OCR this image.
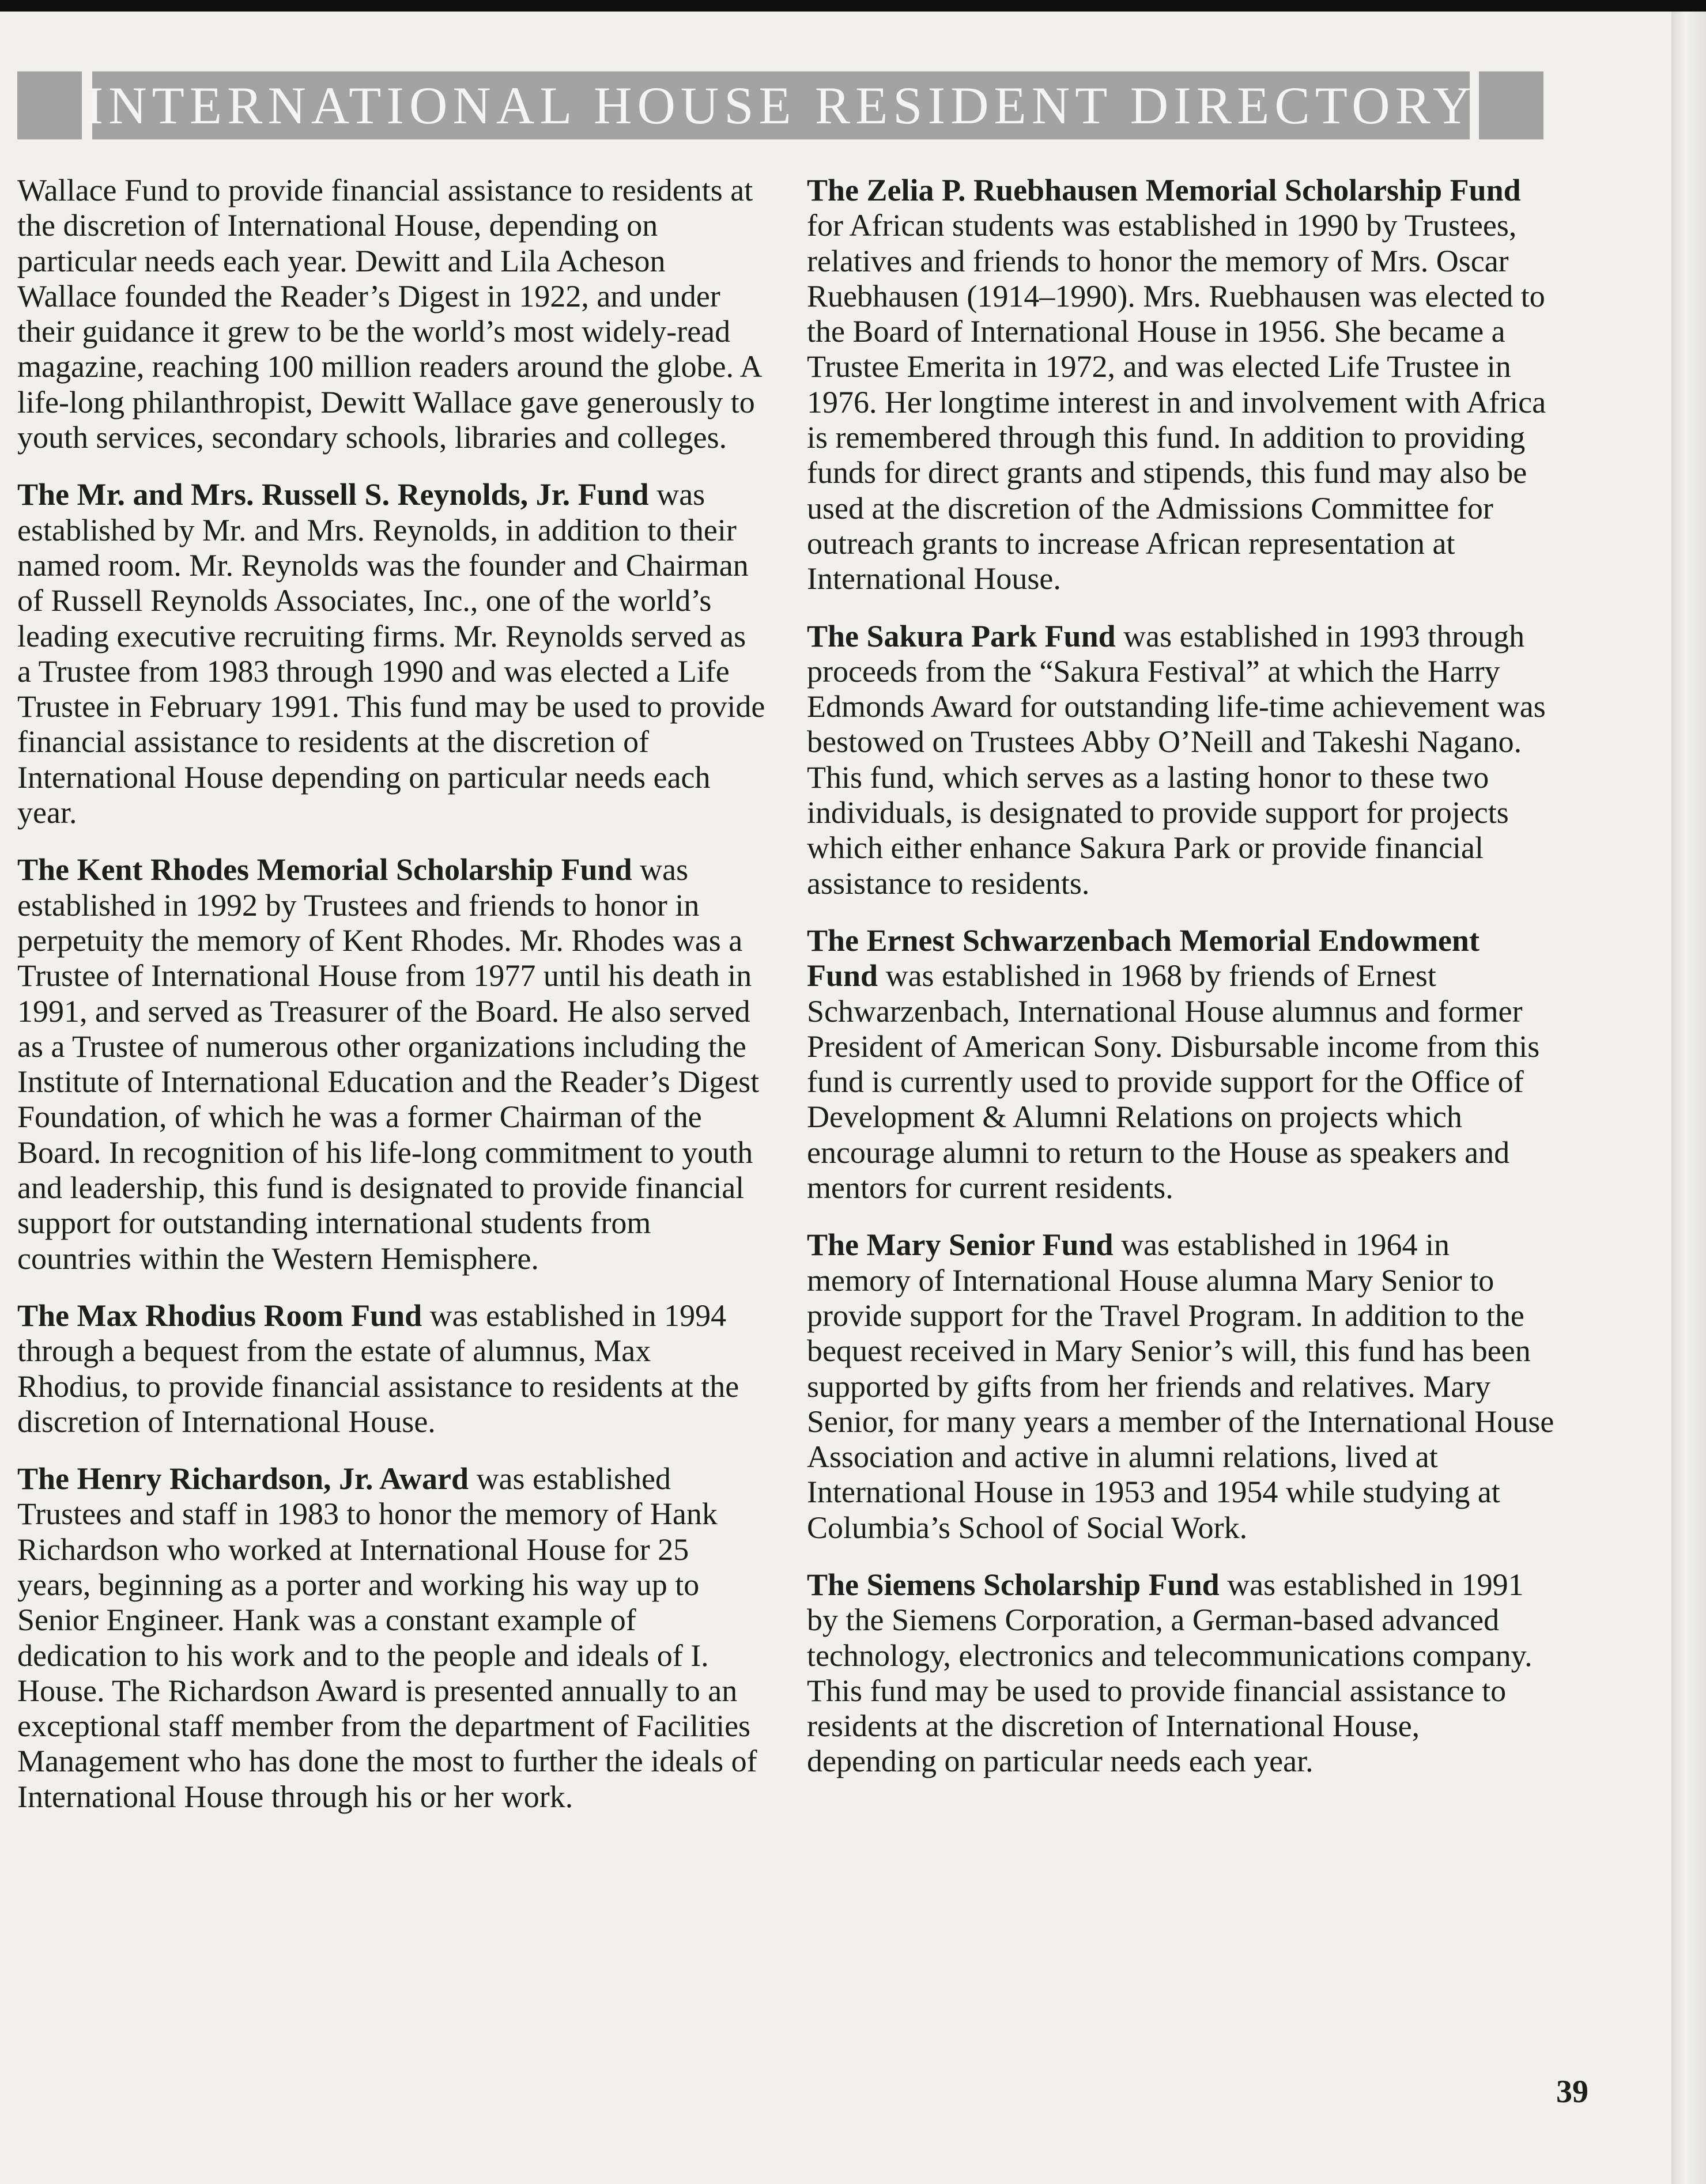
INTERNATIONAL HOUSE RESIDENT DIRECTORY

Wallace Fund to provide financial assistance to residents at the discretion of International House, depending on particular needs each year. Dewitt and Lila Acheson Wallace founded the Reader’s Digest in 1922, and under their guidance it grew to be the world’s most widely-read magazine, reaching 100 million readers around the globe. A life-long philanthropist, Dewitt Wallace gave generously to youth services, secondary schools, libraries and colleges.

The Mr. and Mrs. Russell S. Reynolds, Jr. Fund was established by Mr. and Mrs. Reynolds, in addition to their named room. Mr. Reynolds was the founder and Chairman of Russell Reynolds Associates, Inc., one of the world’s leading executive recruiting firms. Mr. Reynolds served as a Trustee from 1983 through 1990 and was elected a Life Trustee in February 1991. This fund may be used to provide financial assistance to residents at the discretion of International House depending on particular needs each year.

The Kent Rhodes Memorial Scholarship Fund was established in 1992 by Trustees and friends to honor in perpetuity the memory of Kent Rhodes. Mr. Rhodes was a Trustee of International House from 1977 until his death in 1991, and served as Treasurer of the Board. He also served as a Trustee of numerous other organizations including the Institute of International Education and the Reader’s Digest Foundation, of which he was a former Chairman of the Board. In recognition of his life-long commitment to youth and leadership, this fund is designated to provide financial support for outstanding international students from countries within the Western Hemisphere.

The Max Rhodius Room Fund was established in 1994 through a bequest from the estate of alumnus, Max Rhodius, to provide financial assistance to residents at the discretion of International House.

The Henry Richardson, Jr. Award was established Trustees and staff in 1983 to honor the memory of Hank Richardson who worked at International House for 25 years, beginning as a porter and working his way up to Senior Engineer. Hank was a constant example of dedication to his work and to the people and ideals of I. House. The Richardson Award is presented annually to an exceptional staff member from the department of Facilities Management who has done the most to further the ideals of International House through his or her work.

The Zelia P. Ruebhausen Memorial Scholarship Fund for African students was established in 1990 by Trustees, relatives and friends to honor the memory of Mrs. Oscar Ruebhausen (1914–1990). Mrs. Ruebhausen was elected to the Board of International House in 1956. She became a Trustee Emerita in 1972, and was elected Life Trustee in 1976. Her longtime interest in and involvement with Africa is remembered through this fund. In addition to providing funds for direct grants and stipends, this fund may also be used at the discretion of the Admissions Committee for outreach grants to increase African representation at International House.

The Sakura Park Fund was established in 1993 through proceeds from the “Sakura Festival” at which the Harry Edmonds Award for outstanding life-time achievement was bestowed on Trustees Abby O’Neill and Takeshi Nagano. This fund, which serves as a lasting honor to these two individuals, is designated to provide support for projects which either enhance Sakura Park or provide financial assistance to residents.

The Ernest Schwarzenbach Memorial Endowment Fund was established in 1968 by friends of Ernest Schwarzenbach, International House alumnus and former President of American Sony. Disbursable income from this fund is currently used to provide support for the Office of Development & Alumni Relations on projects which encourage alumni to return to the House as speakers and mentors for current residents.

The Mary Senior Fund was established in 1964 in memory of International House alumna Mary Senior to provide support for the Travel Program. In addition to the bequest received in Mary Senior’s will, this fund has been supported by gifts from her friends and relatives. Mary Senior, for many years a member of the International House Association and active in alumni relations, lived at International House in 1953 and 1954 while studying at Columbia’s School of Social Work.

The Siemens Scholarship Fund was established in 1991 by the Siemens Corporation, a German-based advanced technology, electronics and telecommunications company. This fund may be used to provide financial assistance to residents at the discretion of International House, depending on particular needs each year.

39
